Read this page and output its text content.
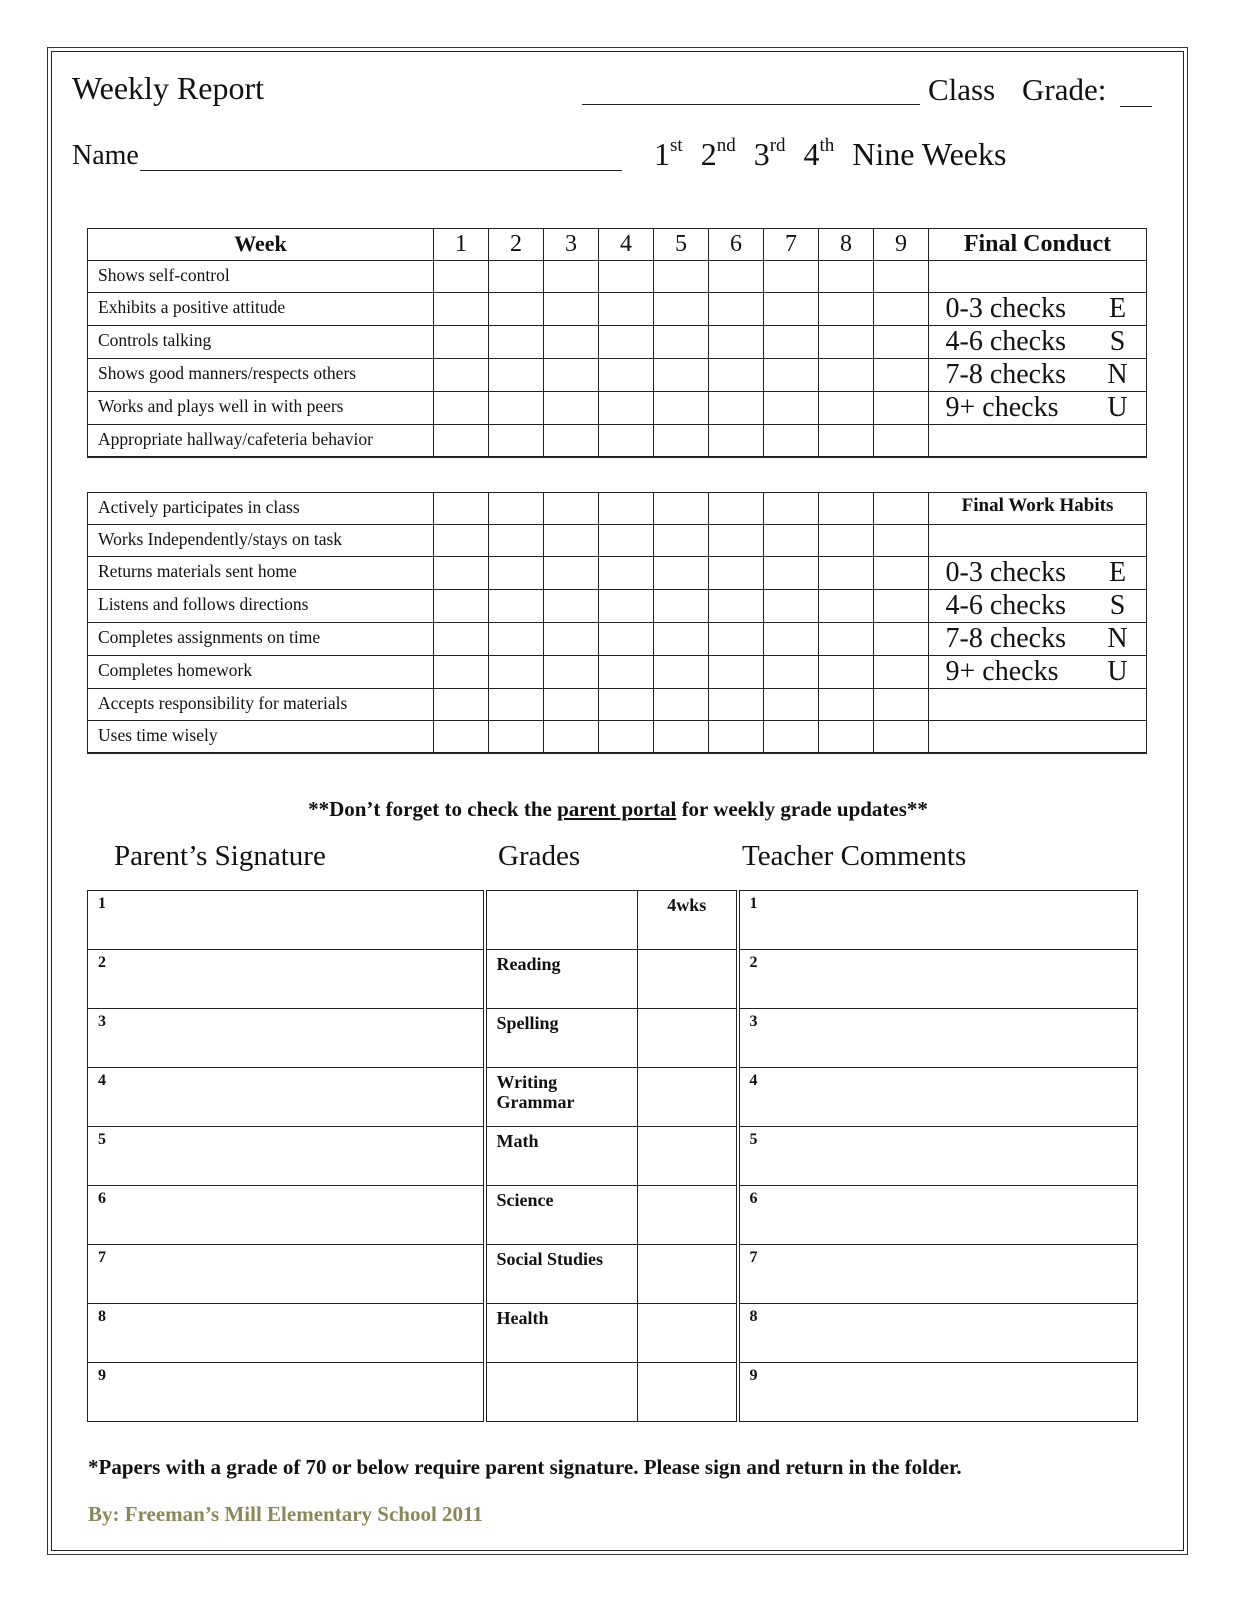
Weekly Report	Class Grade:
Name	1st 2nd 3rd 4th Nine Weeks
Week	1	2	3	4	5	6	7	8	9	Final Conduct
Shows self-control										
Exhibits a positive attitude										0-3 checks E
Controls talking										4-6 checks S
Shows good manners/respects others										7-8 checks N
Works and plays well in with peers										9+ checks U
Appropriate hallway/cafeteria behavior										
Actively participates in class										Final Work Habits
Works Independently/stays on task										
Returns materials sent home										0-3 checks E
Listens and follows directions										4-6 checks S
Completes assignments on time										7-8 checks N
Completes homework										9+ checks U
Accepts responsibility for materials										
Uses time wisely										
**Don’t forget to check the parent portal for weekly grade updates**
Parent’s Signature	Grades	Teacher Comments
1		4wks	1
2	Reading		2
3	Spelling		3
4	Writing Grammar		4
5	Math		5
6	Science		6
7	Social Studies		7
8	Health		8
9			9
*Papers with a grade of 70 or below require parent signature. Please sign and return in the folder.
By: Freeman’s Mill Elementary School 2011
